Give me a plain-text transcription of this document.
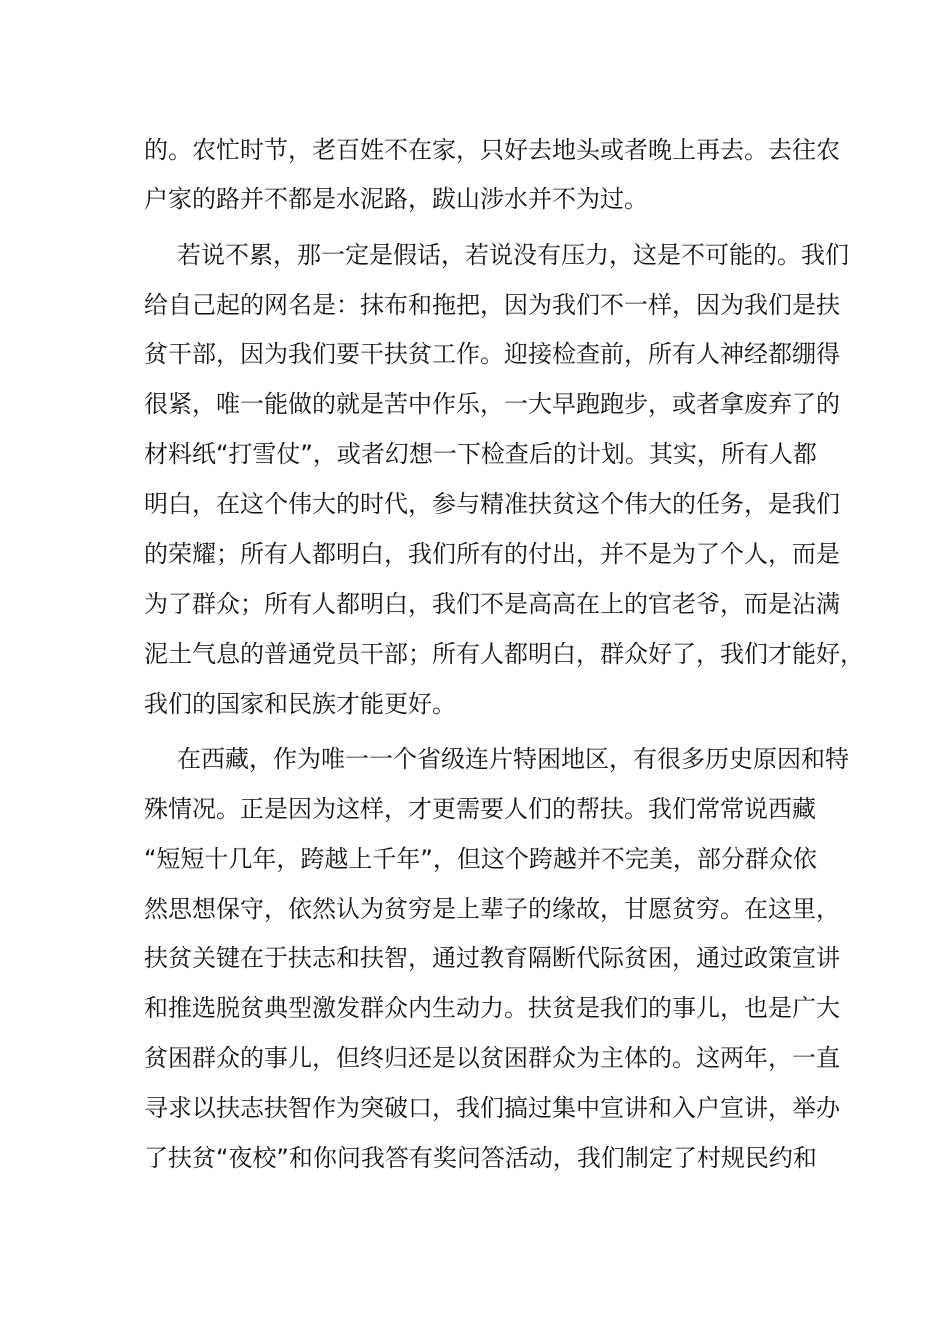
的。农忙时节，老百姓不在家，只好去地头或者晚上再去。去往农
户家的路并不都是水泥路，跋山涉水并不为过。
若说不累，那一定是假话，若说没有压力，这是不可能的。我们
给自己起的网名是：抹布和拖把，因为我们不一样，因为我们是扶
贫干部，因为我们要干扶贫工作。迎接检查前，所有人神经都绷得
很紧，唯一能做的就是苦中作乐，一大早跑跑步，或者拿废弃了的
材料纸“打雪仗”，或者幻想一下检查后的计划。其实，所有人都
明白，在这个伟大的时代，参与精准扶贫这个伟大的任务，是我们
的荣耀；所有人都明白，我们所有的付出，并不是为了个人，而是
为了群众；所有人都明白，我们不是高高在上的官老爷，而是沾满
泥土气息的普通党员干部；所有人都明白，群众好了，我们才能好，
我们的国家和民族才能更好。
在西藏，作为唯一一个省级连片特困地区，有很多历史原因和特
殊情况。正是因为这样，才更需要人们的帮扶。我们常常说西藏
“短短十几年，跨越上千年”，但这个跨越并不完美，部分群众依
然思想保守，依然认为贫穷是上辈子的缘故，甘愿贫穷。在这里，
扶贫关键在于扶志和扶智，通过教育隔断代际贫困，通过政策宣讲
和推选脱贫典型激发群众内生动力。扶贫是我们的事儿，也是广大
贫困群众的事儿，但终归还是以贫困群众为主体的。这两年，一直
寻求以扶志扶智作为突破口，我们搞过集中宣讲和入户宣讲，举办
了扶贫“夜校”和你问我答有奖问答活动，我们制定了村规民约和
